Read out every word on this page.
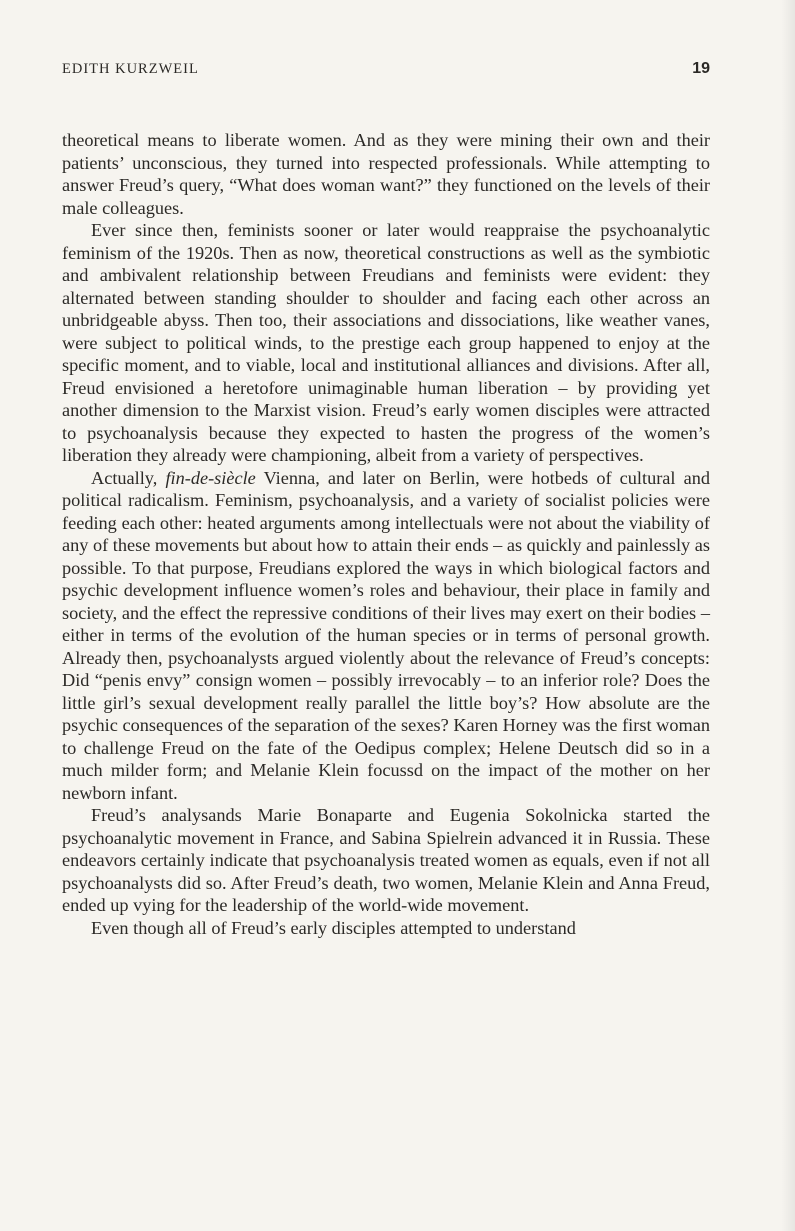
EDITH KURZWEIL	19

theoretical means to liberate women. And as they were mining their own and their patients’ unconscious, they turned into respected professionals. While attempting to answer Freud’s query, “What does woman want?” they functioned on the levels of their male colleagues.

Ever since then, feminists sooner or later would reappraise the psychoanalytic feminism of the 1920s. Then as now, theoretical constructions as well as the symbiotic and ambivalent relationship between Freudians and feminists were evident: they alternated between standing shoulder to shoulder and facing each other across an unbridgeable abyss. Then too, their associations and dissociations, like weather vanes, were subject to political winds, to the prestige each group happened to enjoy at the specific moment, and to viable, local and institutional alliances and divisions. After all, Freud envisioned a heretofore unimaginable human liberation – by providing yet another dimension to the Marxist vision. Freud’s early women disciples were attracted to psychoanalysis because they expected to hasten the progress of the women’s liberation they already were championing, albeit from a variety of perspectives.

Actually, fin-de-siècle Vienna, and later on Berlin, were hotbeds of cultural and political radicalism. Feminism, psychoanalysis, and a variety of socialist policies were feeding each other: heated arguments among intellectuals were not about the viability of any of these movements but about how to attain their ends – as quickly and painlessly as possible. To that purpose, Freudians explored the ways in which biological factors and psychic development influence women’s roles and behaviour, their place in family and society, and the effect the repressive conditions of their lives may exert on their bodies – either in terms of the evolution of the human species or in terms of personal growth. Already then, psychoanalysts argued violently about the relevance of Freud’s concepts: Did “penis envy” consign women – possibly irrevocably – to an inferior role? Does the little girl’s sexual development really parallel the little boy’s? How absolute are the psychic consequences of the separation of the sexes? Karen Horney was the first woman to challenge Freud on the fate of the Oedipus complex; Helene Deutsch did so in a much milder form; and Melanie Klein focussd on the impact of the mother on her newborn infant.

Freud’s analysands Marie Bonaparte and Eugenia Sokolnicka started the psychoanalytic movement in France, and Sabina Spielrein advanced it in Russia. These endeavors certainly indicate that psychoanalysis treated women as equals, even if not all psychoanalysts did so. After Freud’s death, two women, Melanie Klein and Anna Freud, ended up vying for the leadership of the world-wide movement.

Even though all of Freud’s early disciples attempted to understand
